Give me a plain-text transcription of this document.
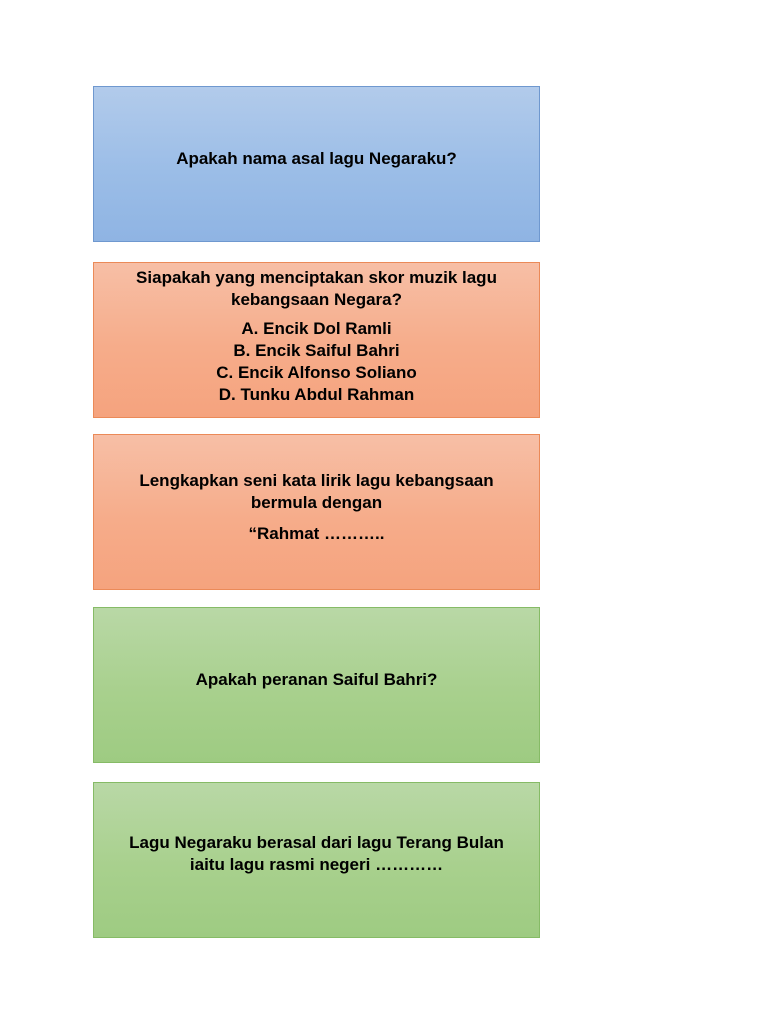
Apakah nama asal lagu Negaraku?
Siapakah yang menciptakan skor muzik lagu
kebangsaan Negara?
A. Encik Dol Ramli
B. Encik Saiful Bahri
C. Encik Alfonso Soliano
D. Tunku Abdul Rahman
Lengkapkan seni kata lirik lagu kebangsaan
bermula dengan
“Rahmat ………..
Apakah peranan Saiful Bahri?
Lagu Negaraku berasal dari lagu Terang Bulan
iaitu lagu rasmi negeri …………
